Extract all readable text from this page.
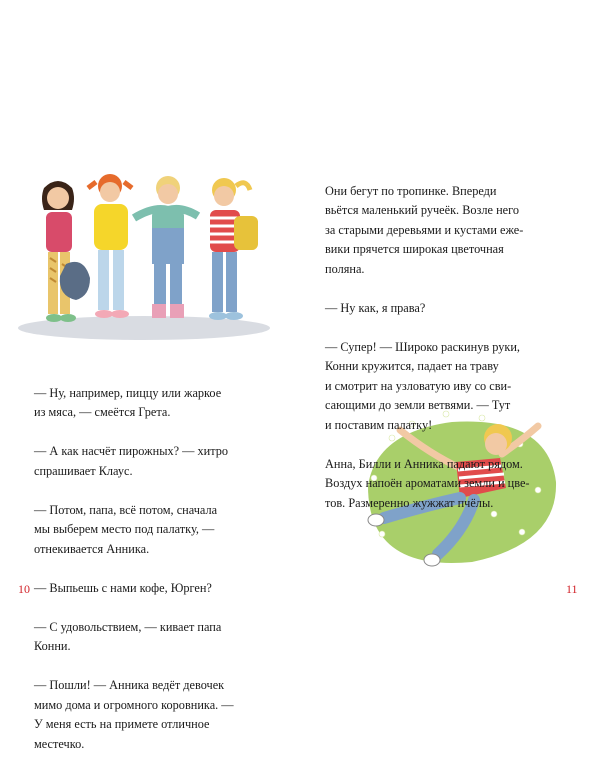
— Ну, например, пиццу или жаркое
из мяса, — смеётся Грета.

— А как насчёт пирожных? — хитро
спрашивает Клаус.

— Потом, папа, всё потом, сначала
мы выберем место под палатку, —
отнекивается Анника.

— Выпьешь с нами кофе, Юрген?

— С удовольствием, — кивает папа
Конни.

— Пошли! — Анника ведёт девочек
мимо дома и огромного коровника. —
У меня есть на примете отличное
местечко.

Они бегут по тропинке. Впереди
вьётся маленький ручеёк. Возле него
за старыми деревьями и кустами еже-
вики прячется широкая цветочная
поляна.

— Ну как, я права?

— Супер! — Широко раскинув руки,
Конни кружится, падает на траву
и смотрит на узловатую иву со сви-
сающими до земли ветвями. — Тут
и поставим палатку!

Анна, Билли и Анника падают рядом.
Воздух напоён ароматами земли и цве-
тов. Размеренно жужжат пчёлы.

10	11
